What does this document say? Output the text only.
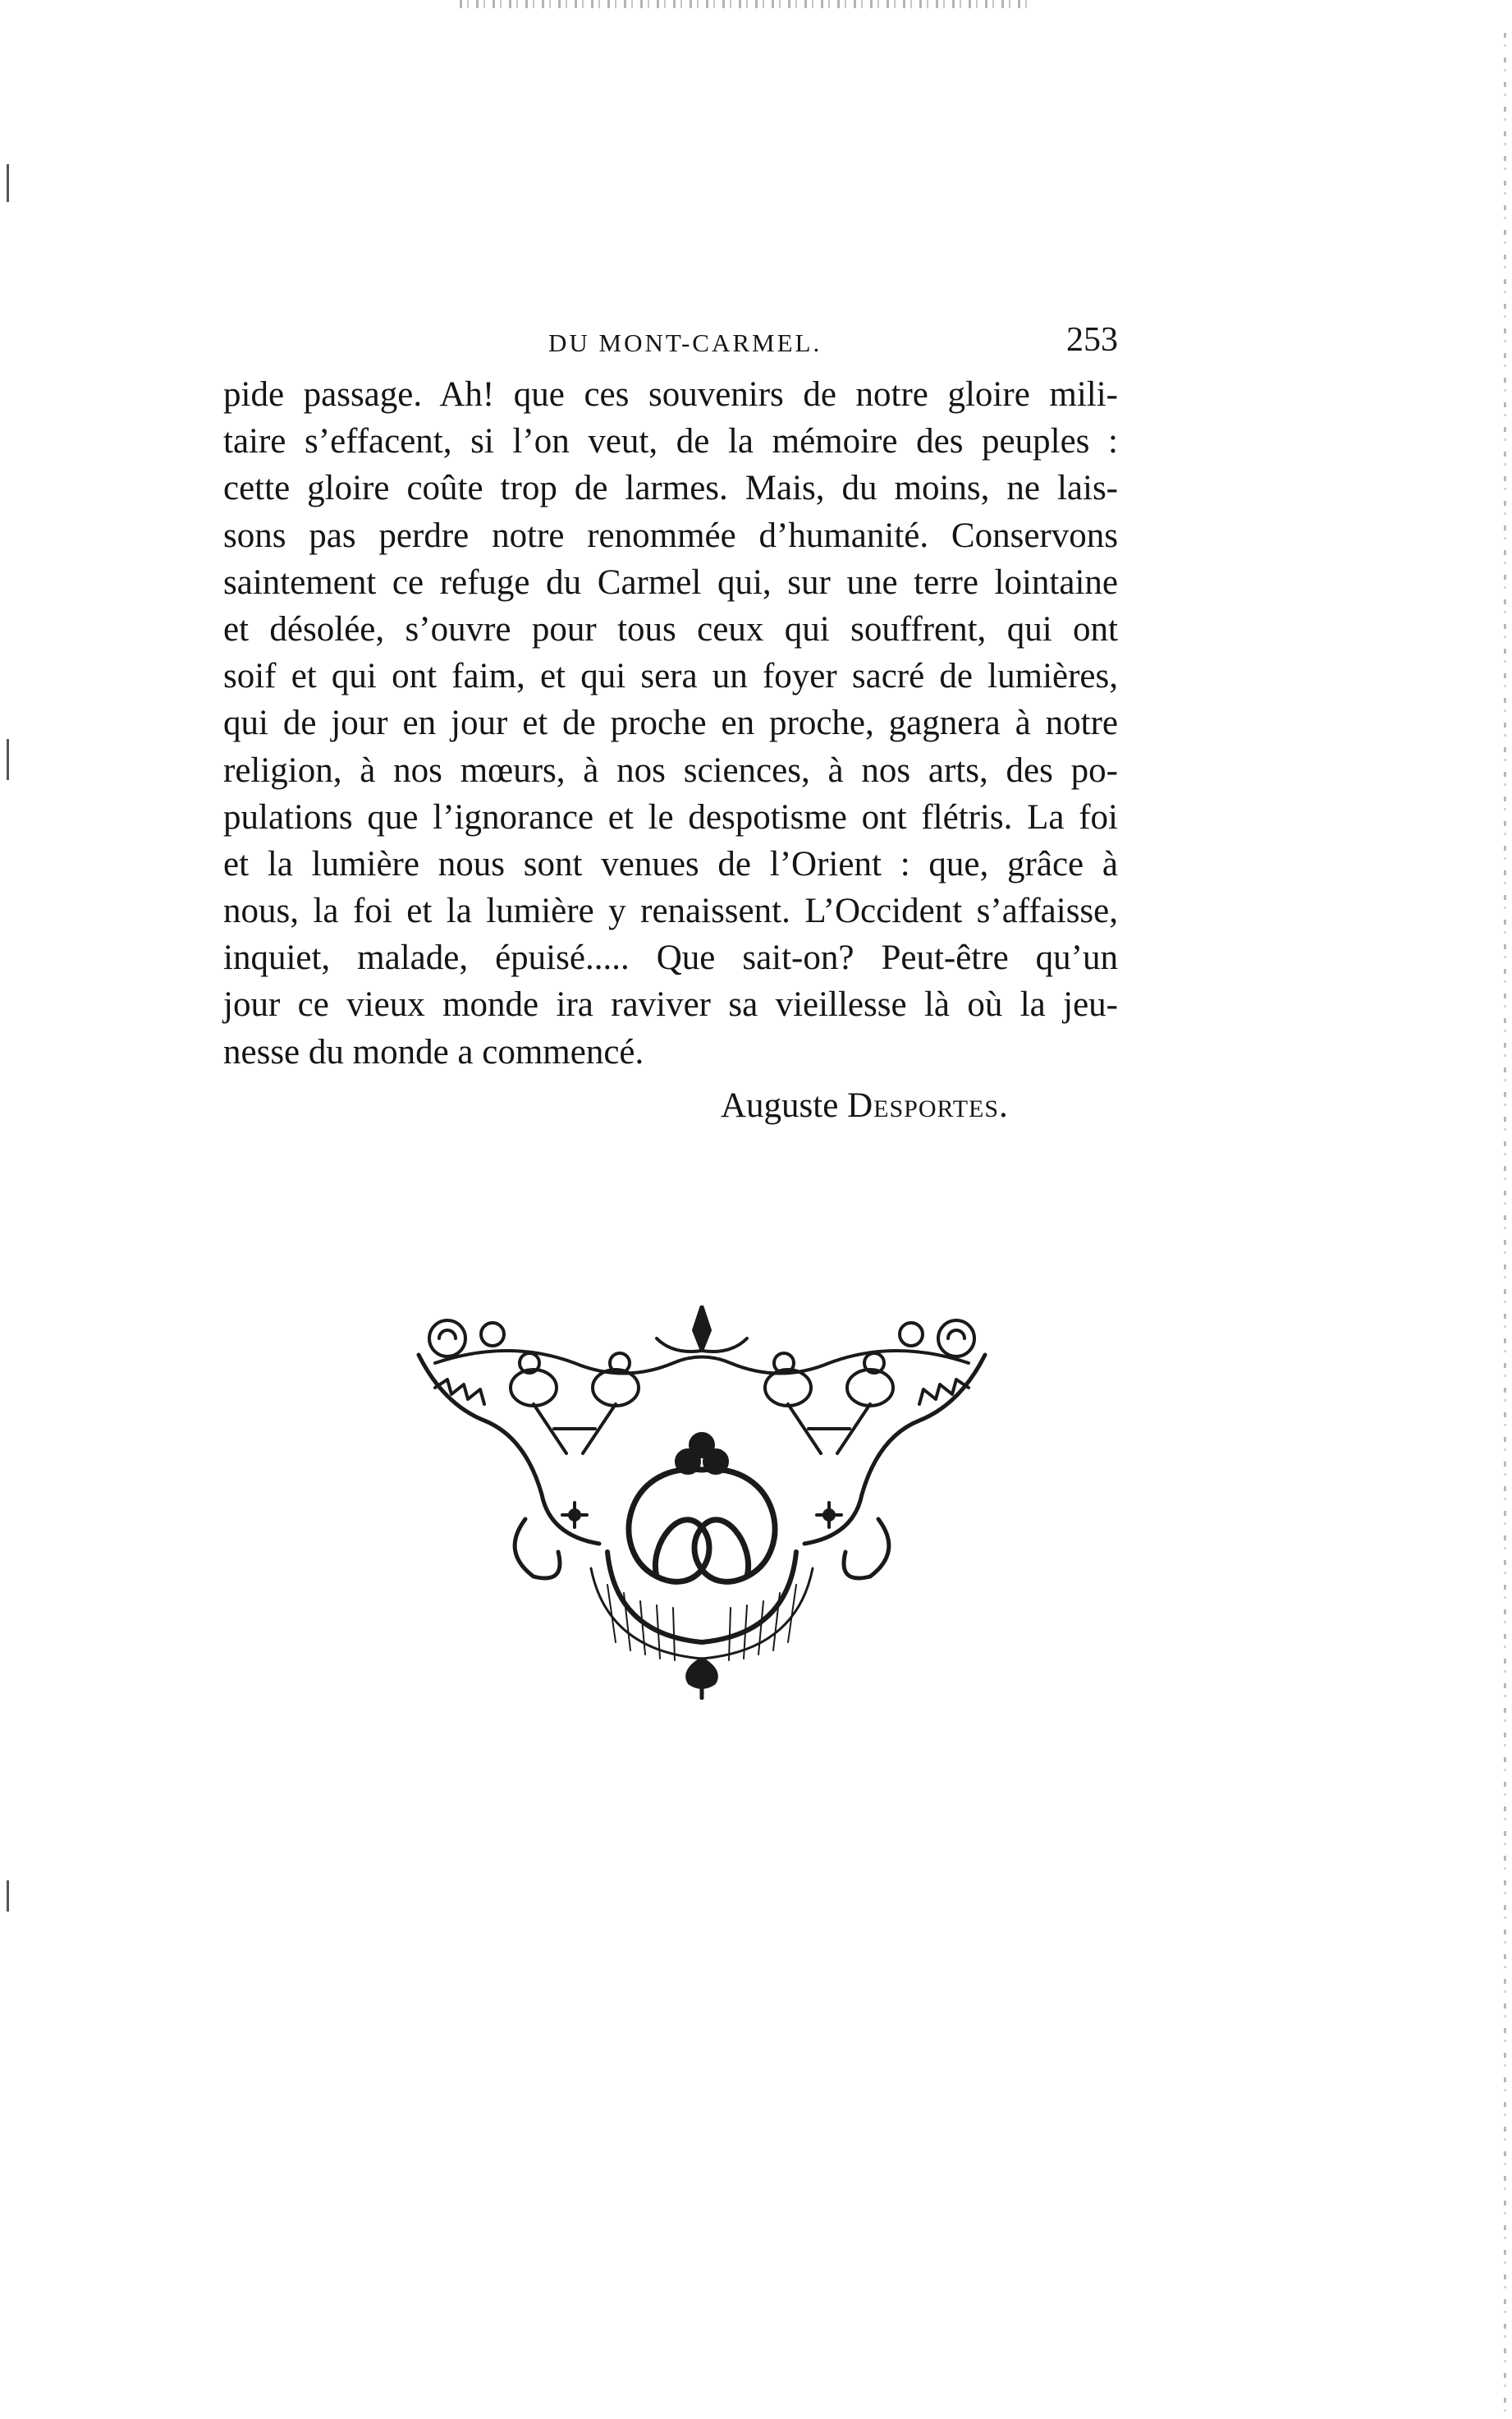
DU MONT-CARMEL.	253
pide passage. Ah! que ces souvenirs de notre gloire mili-
taire s’effacent, si l’on veut, de la mémoire des peuples :
cette gloire coûte trop de larmes. Mais, du moins, ne lais-
sons pas perdre notre renommée d’humanité. Conservons
saintement ce refuge du Carmel qui, sur une terre lointaine
et désolée, s’ouvre pour tous ceux qui souffrent, qui ont
soif et qui ont faim, et qui sera un foyer sacré de lumières,
qui de jour en jour et de proche en proche, gagnera à notre
religion, à nos mœurs, à nos sciences, à nos arts, des po-
pulations que l’ignorance et le despotisme ont flétris. La foi
et la lumière nous sont venues de l’Orient : que, grâce à
nous, la foi et la lumière y renaissent. L’Occident s’affaisse,
inquiet, malade, épuisé..... Que sait-on? Peut-être qu’un
jour ce vieux monde ira raviver sa vieillesse là où la jeu-
nesse du monde a commencé.
Auguste Desportes.
